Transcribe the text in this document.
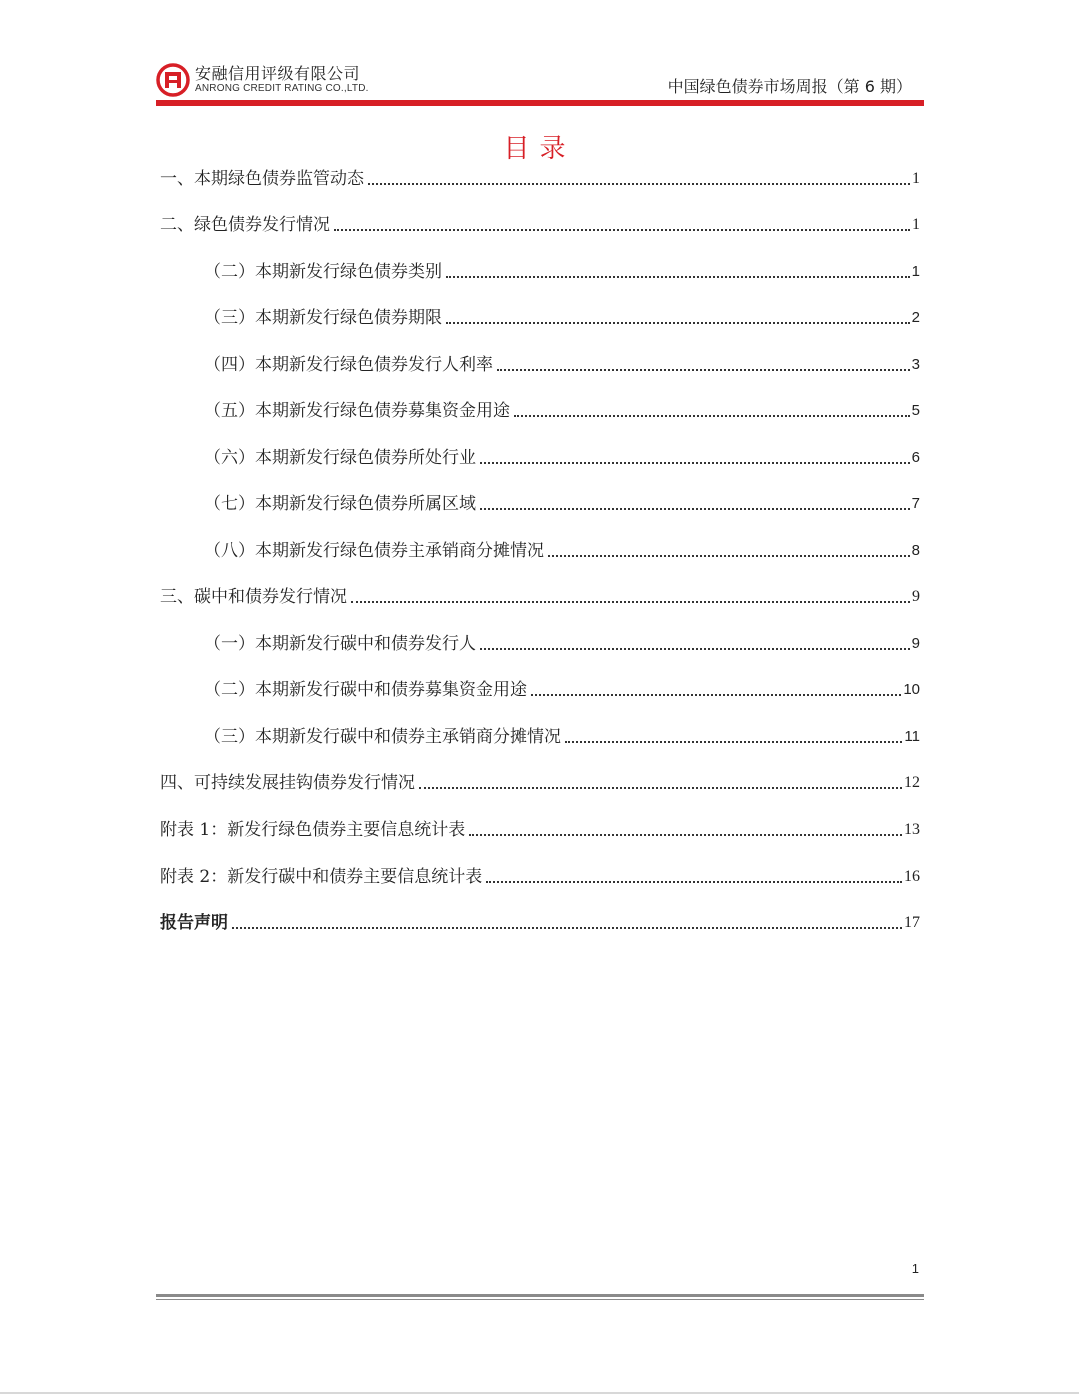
安融信用评级有限公司
ANRONG CREDIT RATING CO.,LTD.	中国绿色债券市场周报（第 6 期）
目录
一、本期绿色债券监管动态	1
二、绿色债券发行情况	1
（二）本期新发行绿色债券类别	1
（三）本期新发行绿色债券期限	2
（四）本期新发行绿色债券发行人利率	3
（五）本期新发行绿色债券募集资金用途	5
（六）本期新发行绿色债券所处行业	6
（七）本期新发行绿色债券所属区域	7
（八）本期新发行绿色债券主承销商分摊情况	8
三、碳中和债券发行情况	9
（一）本期新发行碳中和债券发行人	9
（二）本期新发行碳中和债券募集资金用途	10
（三）本期新发行碳中和债券主承销商分摊情况	11
四、可持续发展挂钩债券发行情况	12
附表 1：新发行绿色债券主要信息统计表	13
附表 2：新发行碳中和债券主要信息统计表	16
报告声明	17
1
